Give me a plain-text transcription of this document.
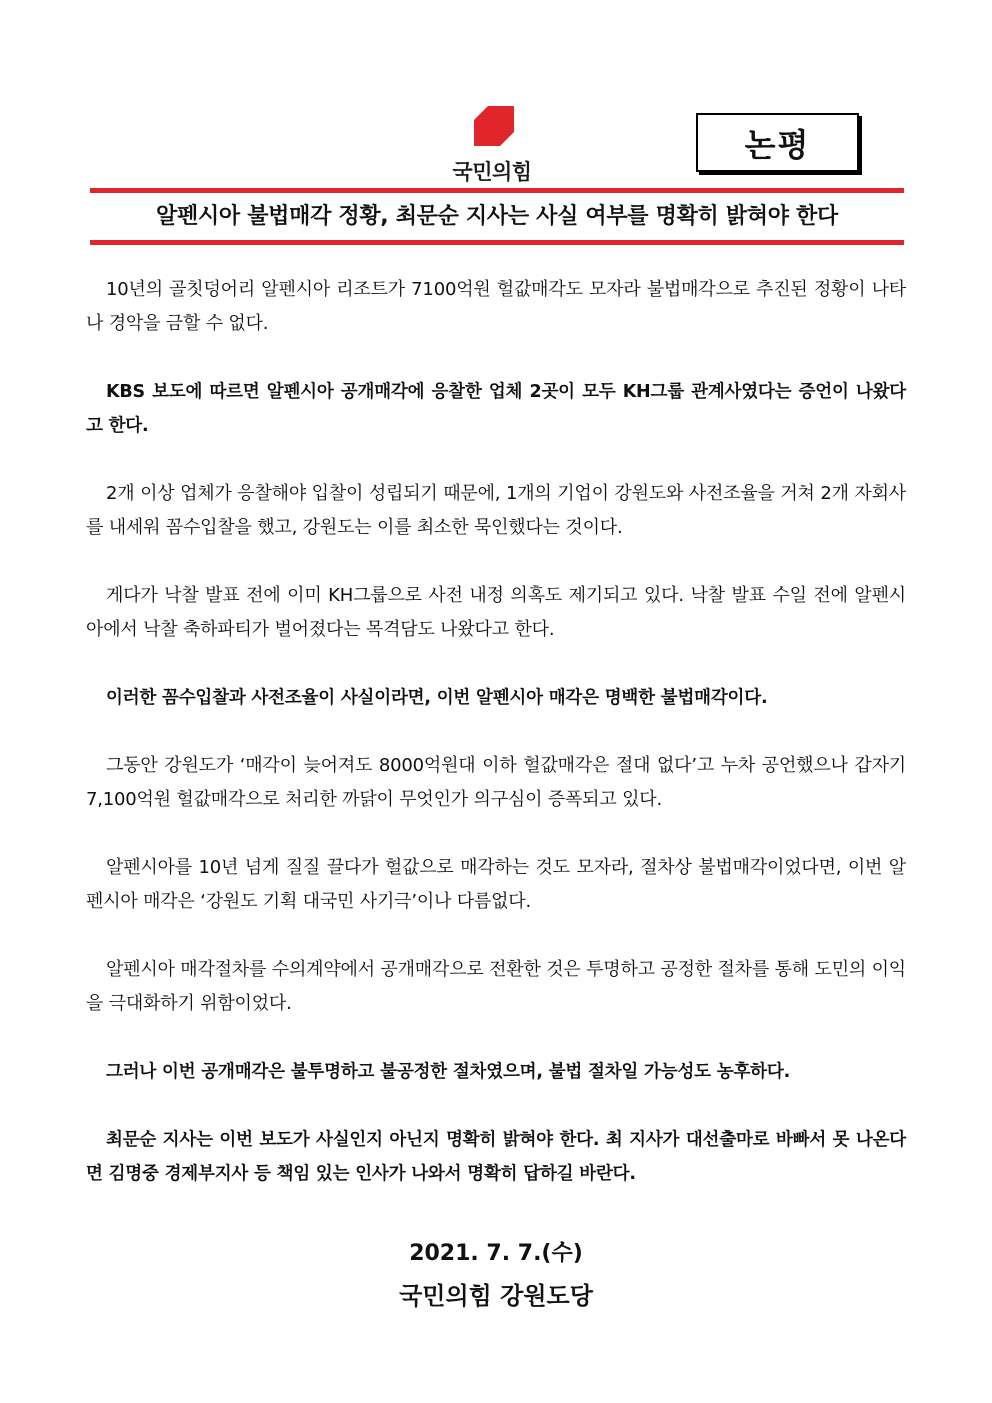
국민의힘
논평
알펜시아 불법매각 정황, 최문순 지사는 사실 여부를 명확히 밝혀야 한다

10년의 골칫덩어리 알펜시아 리조트가 7100억원 헐값매각도 모자라 불법매각으로 추진된 정황이 나타나 경악을 금할 수 없다.

KBS 보도에 따르면 알펜시아 공개매각에 응찰한 업체 2곳이 모두 KH그룹 관계사였다는 증언이 나왔다고 한다.

2개 이상 업체가 응찰해야 입찰이 성립되기 때문에, 1개의 기업이 강원도와 사전조율을 거쳐 2개 자회사를 내세워 꼼수입찰을 했고, 강원도는 이를 최소한 묵인했다는 것이다.

게다가 낙찰 발표 전에 이미 KH그룹으로 사전 내정 의혹도 제기되고 있다. 낙찰 발표 수일 전에 알펜시아에서 낙찰 축하파티가 벌어졌다는 목격담도 나왔다고 한다.

이러한 꼼수입찰과 사전조율이 사실이라면, 이번 알펜시아 매각은 명백한 불법매각이다.

그동안 강원도가 ‘매각이 늦어져도 8000억원대 이하 헐값매각은 절대 없다’고 누차 공언했으나 갑자기 7,100억원 헐값매각으로 처리한 까닭이 무엇인가 의구심이 증폭되고 있다.

알펜시아를 10년 넘게 질질 끌다가 헐값으로 매각하는 것도 모자라, 절차상 불법매각이었다면, 이번 알펜시아 매각은 ‘강원도 기획 대국민 사기극’이나 다름없다.

알펜시아 매각절차를 수의계약에서 공개매각으로 전환한 것은 투명하고 공정한 절차를 통해 도민의 이익을 극대화하기 위함이었다.

그러나 이번 공개매각은 불투명하고 불공정한 절차였으며, 불법 절차일 가능성도 농후하다.

최문순 지사는 이번 보도가 사실인지 아닌지 명확히 밝혀야 한다. 최 지사가 대선출마로 바빠서 못 나온다면 김명중 경제부지사 등 책임 있는 인사가 나와서 명확히 답하길 바란다.

2021. 7. 7.(수)
국민의힘 강원도당
